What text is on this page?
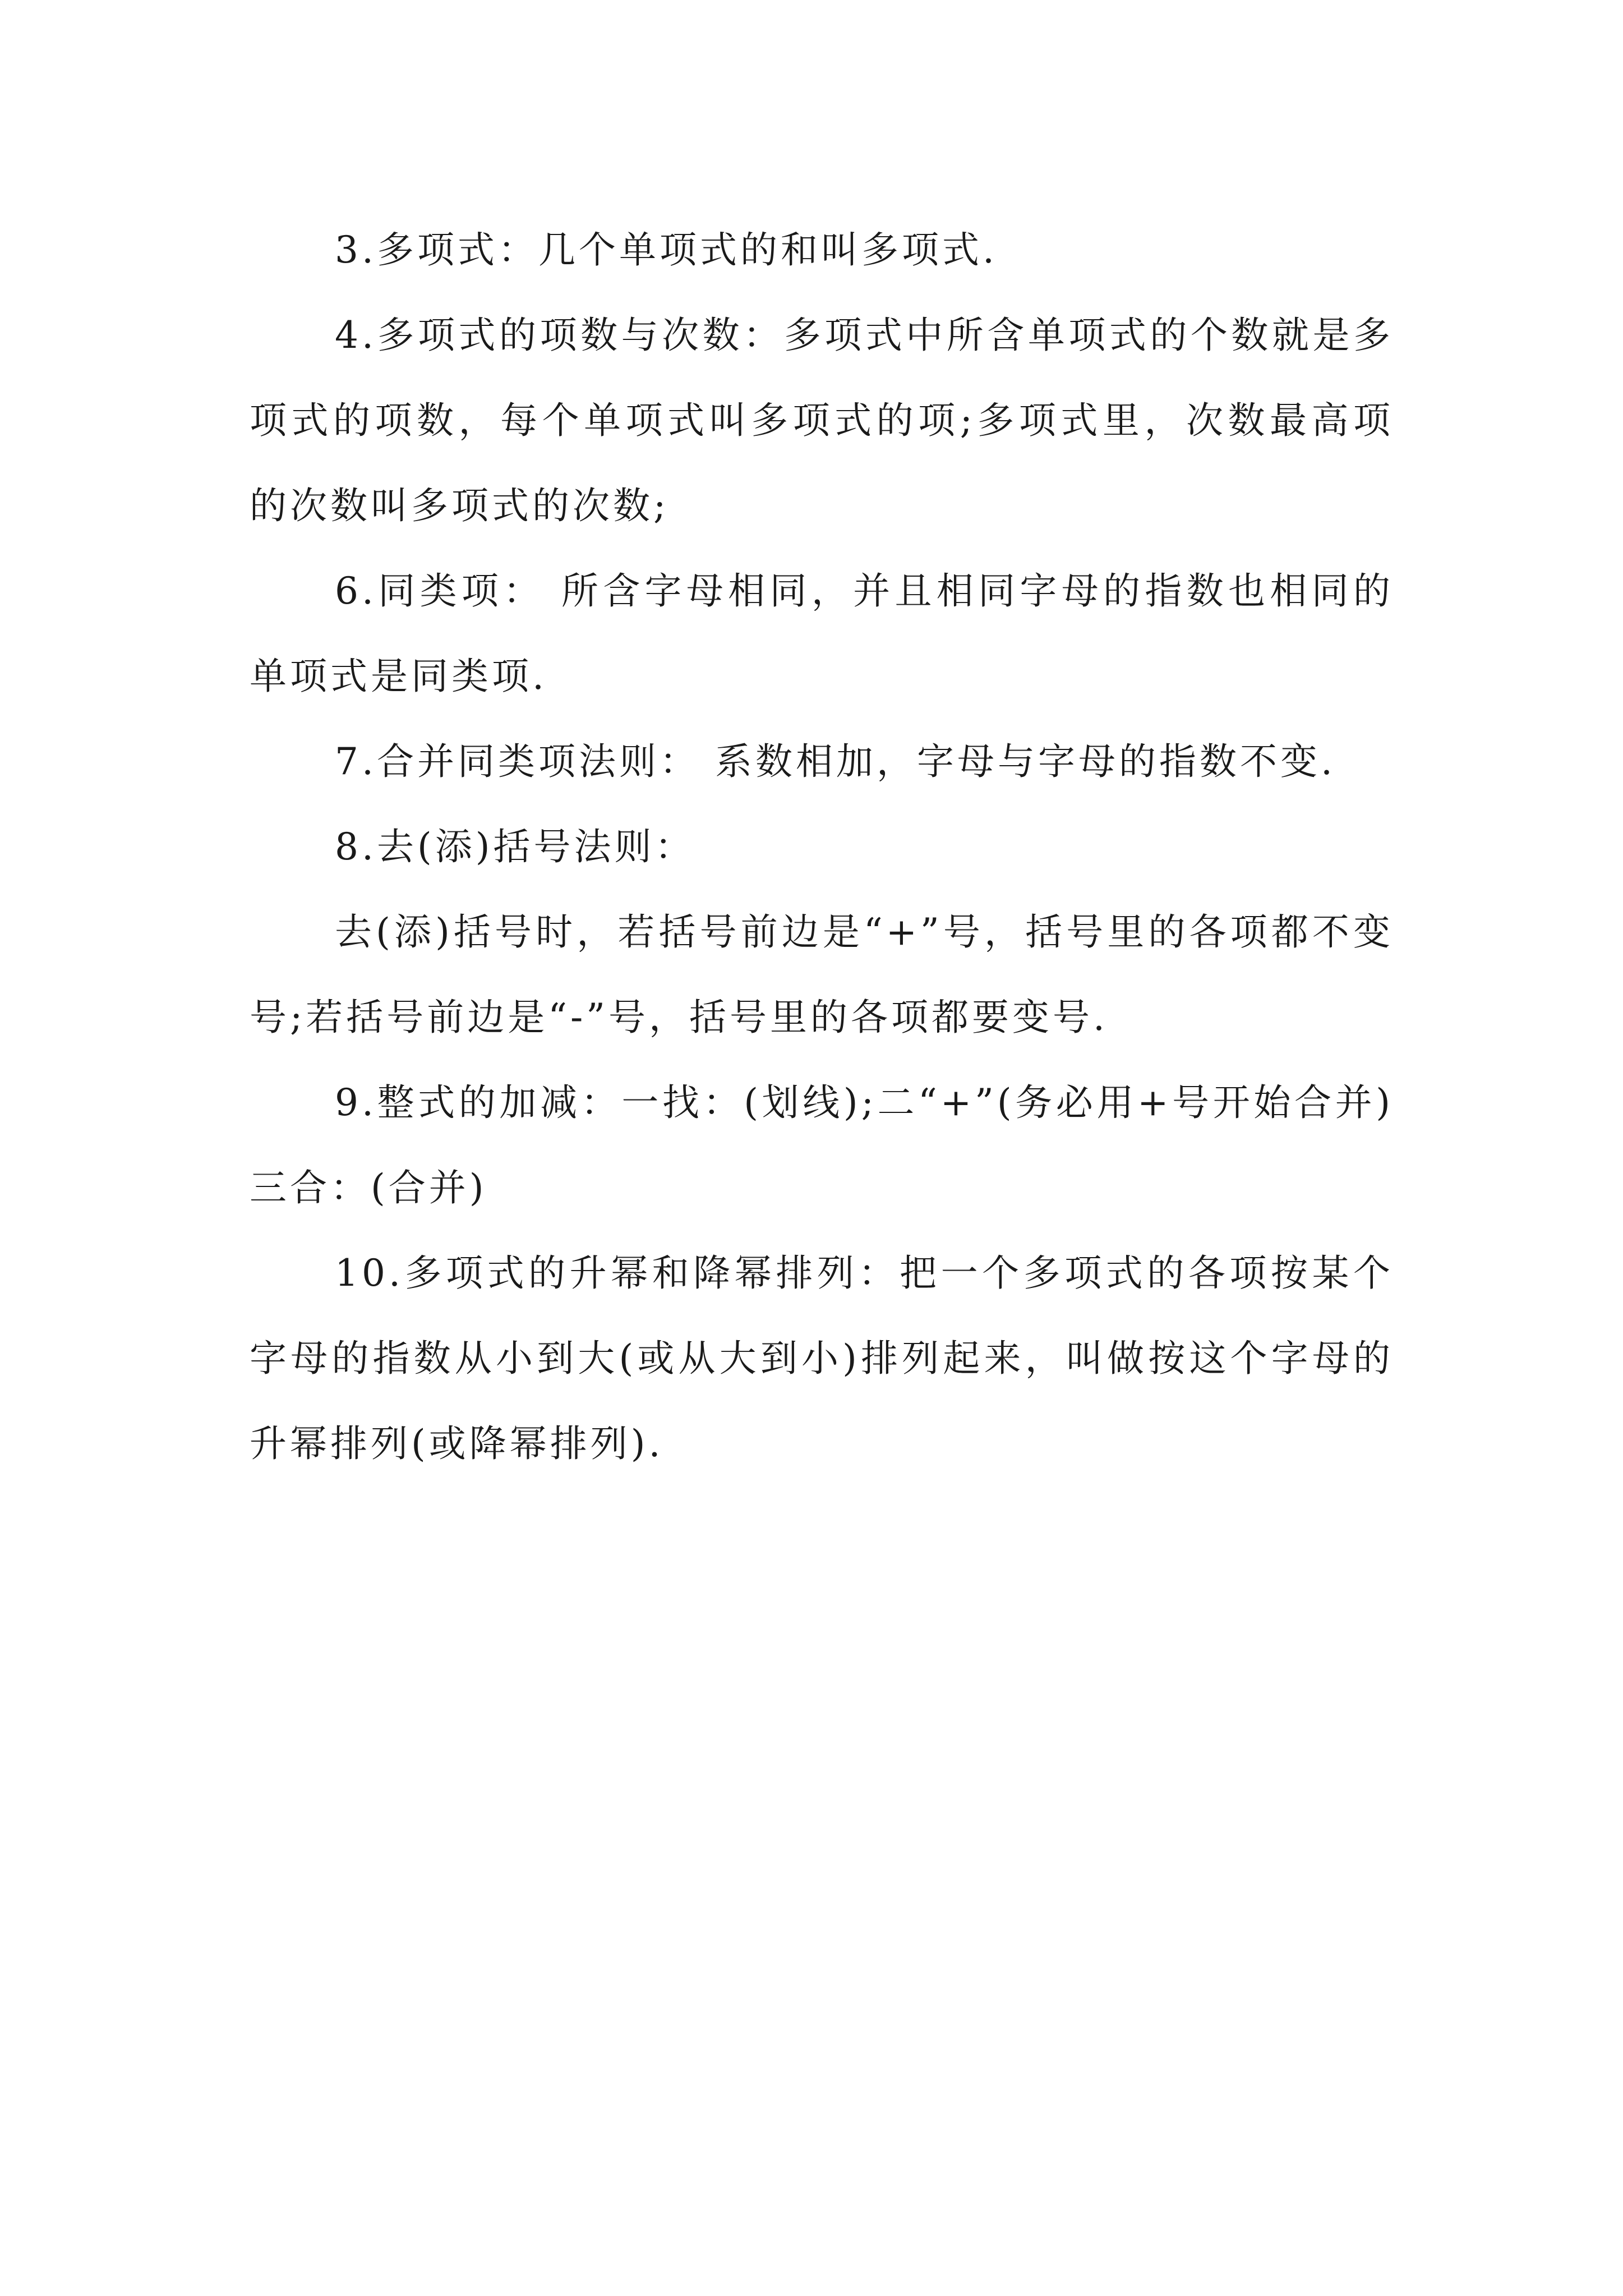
3.多项式：几个单项式的和叫多项式.

4.多项式的项数与次数：多项式中所含单项式的个数就是多项式的项数，每个单项式叫多项式的项;多项式里，次数最高项的次数叫多项式的次数;

6.同类项： 所含字母相同，并且相同字母的指数也相同的单项式是同类项.

7.合并同类项法则： 系数相加，字母与字母的指数不变.

8.去(添)括号法则：

去(添)括号时，若括号前边是“+”号，括号里的各项都不变号;若括号前边是“-”号，括号里的各项都要变号.

9.整式的加减：一找：(划线);二“+”(务必用+号开始合并)三合：(合并)

10.多项式的升幂和降幂排列：把一个多项式的各项按某个字母的指数从小到大(或从大到小)排列起来，叫做按这个字母的升幂排列(或降幂排列).
